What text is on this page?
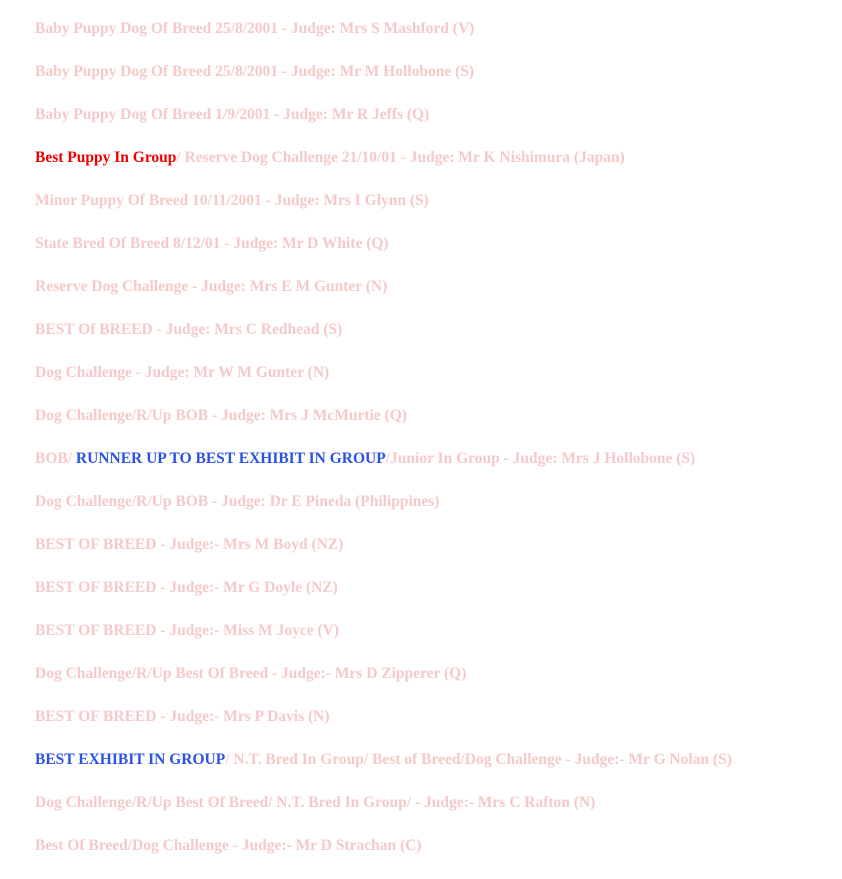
Baby Puppy Dog Of Breed 25/8/2001 - Judge: Mrs S Mashford (V)
Baby Puppy Dog Of Breed 25/8/2001 - Judge: Mr M Hollobone (S)
Baby Puppy Dog Of Breed 1/9/2001 - Judge: Mr R Jeffs (Q)
Best Puppy In Group/ Reserve Dog Challenge 21/10/01 - Judge: Mr K Nishimura (Japan)
Minor Puppy Of Breed 10/11/2001 - Judge: Mrs I Glynn (S)
State Bred Of Breed 8/12/01 - Judge: Mr D White (Q)
Reserve Dog Challenge - Judge: Mrs E M Gunter (N)
BEST Of BREED - Judge: Mrs C Redhead (S)
Dog Challenge - Judge: Mr W M Gunter (N)
Dog Challenge/R/Up BOB - Judge: Mrs J McMurtie (Q)
BOB/ RUNNER UP TO BEST EXHIBIT IN GROUP/Junior In Group - Judge: Mrs J Hollobone (S)
Dog Challenge/R/Up BOB - Judge: Dr E Pineda (Philippines)
BEST OF BREED - Judge:- Mrs M Boyd (NZ)
BEST OF BREED - Judge:- Mr G Doyle (NZ)
BEST OF BREED - Judge:- Miss M Joyce (V)
Dog Challenge/R/Up Best Of Breed - Judge:- Mrs D Zipperer (Q)
BEST OF BREED - Judge:- Mrs P Davis (N)
BEST EXHIBIT IN GROUP/ N.T. Bred In Group/ Best of Breed/Dog Challenge - Judge:- Mr G Nolan (S)
Dog Challenge/R/Up Best Of Breed/ N.T. Bred In Group/ - Judge:- Mrs C Rafton (N)
Best Of Breed/Dog Challenge - Judge:- Mr D Strachan (C)
